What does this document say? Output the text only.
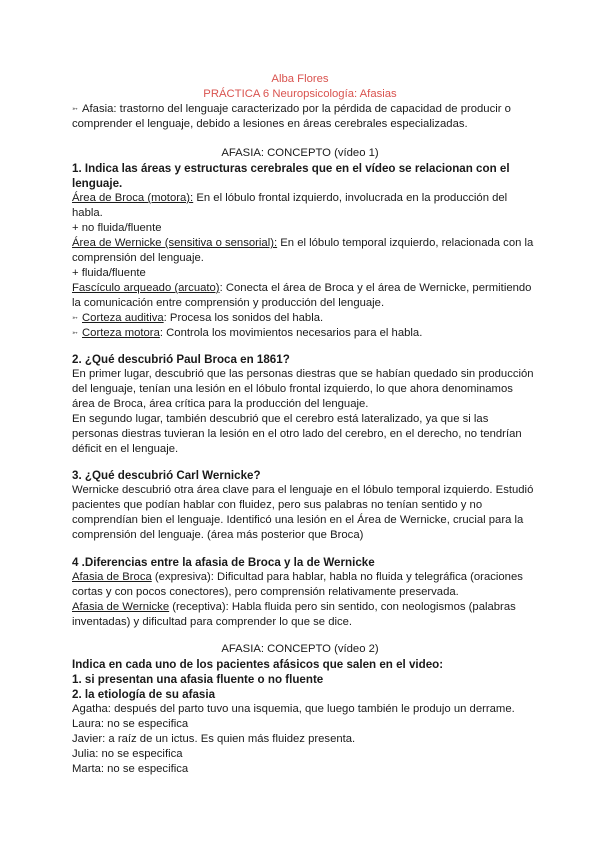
Alba Flores
PRÁCTICA 6 Neuropsicología: Afasias
➳ Afasia: trastorno del lenguaje caracterizado por la pérdida de capacidad de producir o
comprender el lenguaje, debido a lesiones en áreas cerebrales especializadas.
AFASIA: CONCEPTO (vídeo 1)
1. Indica las áreas y estructuras cerebrales que en el vídeo se relacionan con el
lenguaje.
Área de Broca (motora): En el lóbulo frontal izquierdo, involucrada en la producción del
habla.
+ no fluida/fluente
Área de Wernicke (sensitiva o sensorial): En el lóbulo temporal izquierdo, relacionada con la
comprensión del lenguaje.
+ fluida/fluente
Fascículo arqueado (arcuato): Conecta el área de Broca y el área de Wernicke, permitiendo
la comunicación entre comprensión y producción del lenguaje.
➳ Corteza auditiva: Procesa los sonidos del habla.
➳ Corteza motora: Controla los movimientos necesarios para el habla.
2. ¿Qué descubrió Paul Broca en 1861?
En primer lugar, descubrió que las personas diestras que se habían quedado sin producción
del lenguaje, tenían una lesión en el lóbulo frontal izquierdo, lo que ahora denominamos
área de Broca, área crítica para la producción del lenguaje.
En segundo lugar, también descubrió que el cerebro está lateralizado, ya que si las
personas diestras tuvieran la lesión en el otro lado del cerebro, en el derecho, no tendrían
déficit en el lenguaje.
3. ¿Qué descubrió Carl Wernicke?
Wernicke descubrió otra área clave para el lenguaje en el lóbulo temporal izquierdo. Estudió
pacientes que podían hablar con fluidez, pero sus palabras no tenían sentido y no
comprendían bien el lenguaje. Identificó una lesión en el Área de Wernicke, crucial para la
comprensión del lenguaje. (área más posterior que Broca)
4 .Diferencias entre la afasia de Broca y la de Wernicke
Afasia de Broca (expresiva): Dificultad para hablar, habla no fluida y telegráfica (oraciones
cortas y con pocos conectores), pero comprensión relativamente preservada.
Afasia de Wernicke (receptiva): Habla fluida pero sin sentido, con neologismos (palabras
inventadas) y dificultad para comprender lo que se dice.
AFASIA: CONCEPTO (vídeo 2)
Indica en cada uno de los pacientes afásicos que salen en el video:
1. si presentan una afasia fluente o no fluente
2. la etiología de su afasia
Agatha: después del parto tuvo una isquemia, que luego también le produjo un derrame.
Laura: no se especifica
Javier: a raíz de un ictus. Es quien más fluidez presenta.
Julia: no se especifica
Marta: no se especifica
